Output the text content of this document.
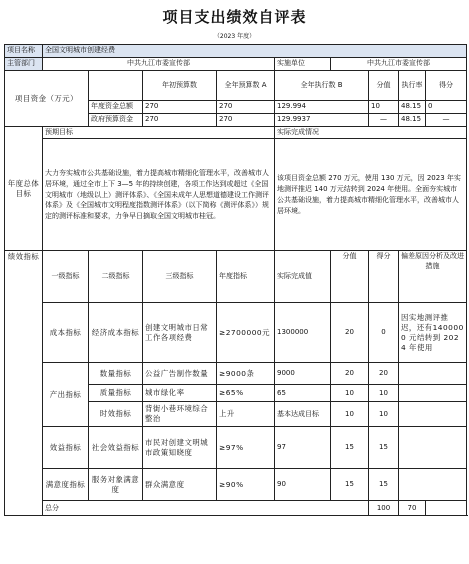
项目支出绩效自评表
（2023 年度）
项目名称	全国文明城市创建经费								
主管部门	中共九江市委宣传部				实施单位	中共九江市委宣传部			
项目资金（万元）			年初预算数	全年预算数 A	全年执行数 B		分值	执行率	得分
		年度资金总额	270	270	129.994		10	48.15	0
		政府预算资金	270	270	129.9937		—	48.15	—
年度总体目标	预期目标				实际完成情况				
	大力夯实城市公共基础设施，着力提高城市精细化管理水平，改善城市人居环境，通过全市上下 3—5 年的持续创建，各项工作达到或超过《全国文明城市（地级以上）测评体系》、《全国未成年人思想道德建设工作测评体系》及《全国城市文明程度指数测评体系》（以下简称《测评体系》）规定的测评标准和要求，力争早日摘取全国文明城市桂冠。				该项目资金总额 270 万元，使用 130 万元，因 2023 年实地测评推迟 140 万元结转到 2024 年使用。全面夯实城市公共基础设施，着力提高城市精细化管理水平，改善城市人居环境。				
绩效指标	一级指标	二级指标	三级指标	年度指标	实际完成值	分值	得分	偏差原因分析及改进措施	
	成本指标	经济成本指标	创建文明城市日常工作各项经费	≥2700000元	1300000	20	0	因实地测评推迟，还有1400000 元结转到 2024 年使用	
	产出指标	数量指标	公益广告制作数量	≥9000条	9000	20	20		
		质量指标	城市绿化率	≥65%	65	10	10		
		时效指标	背街小巷环境综合整治	上升	基本达成目标	10	10		
	效益指标	社会效益指标	市民对创建文明城市政策知晓度	≥97%	97	15	15		
	满意度指标	服务对象满意度	群众满意度	≥90%	90	15	15		
	总分						100	70	
